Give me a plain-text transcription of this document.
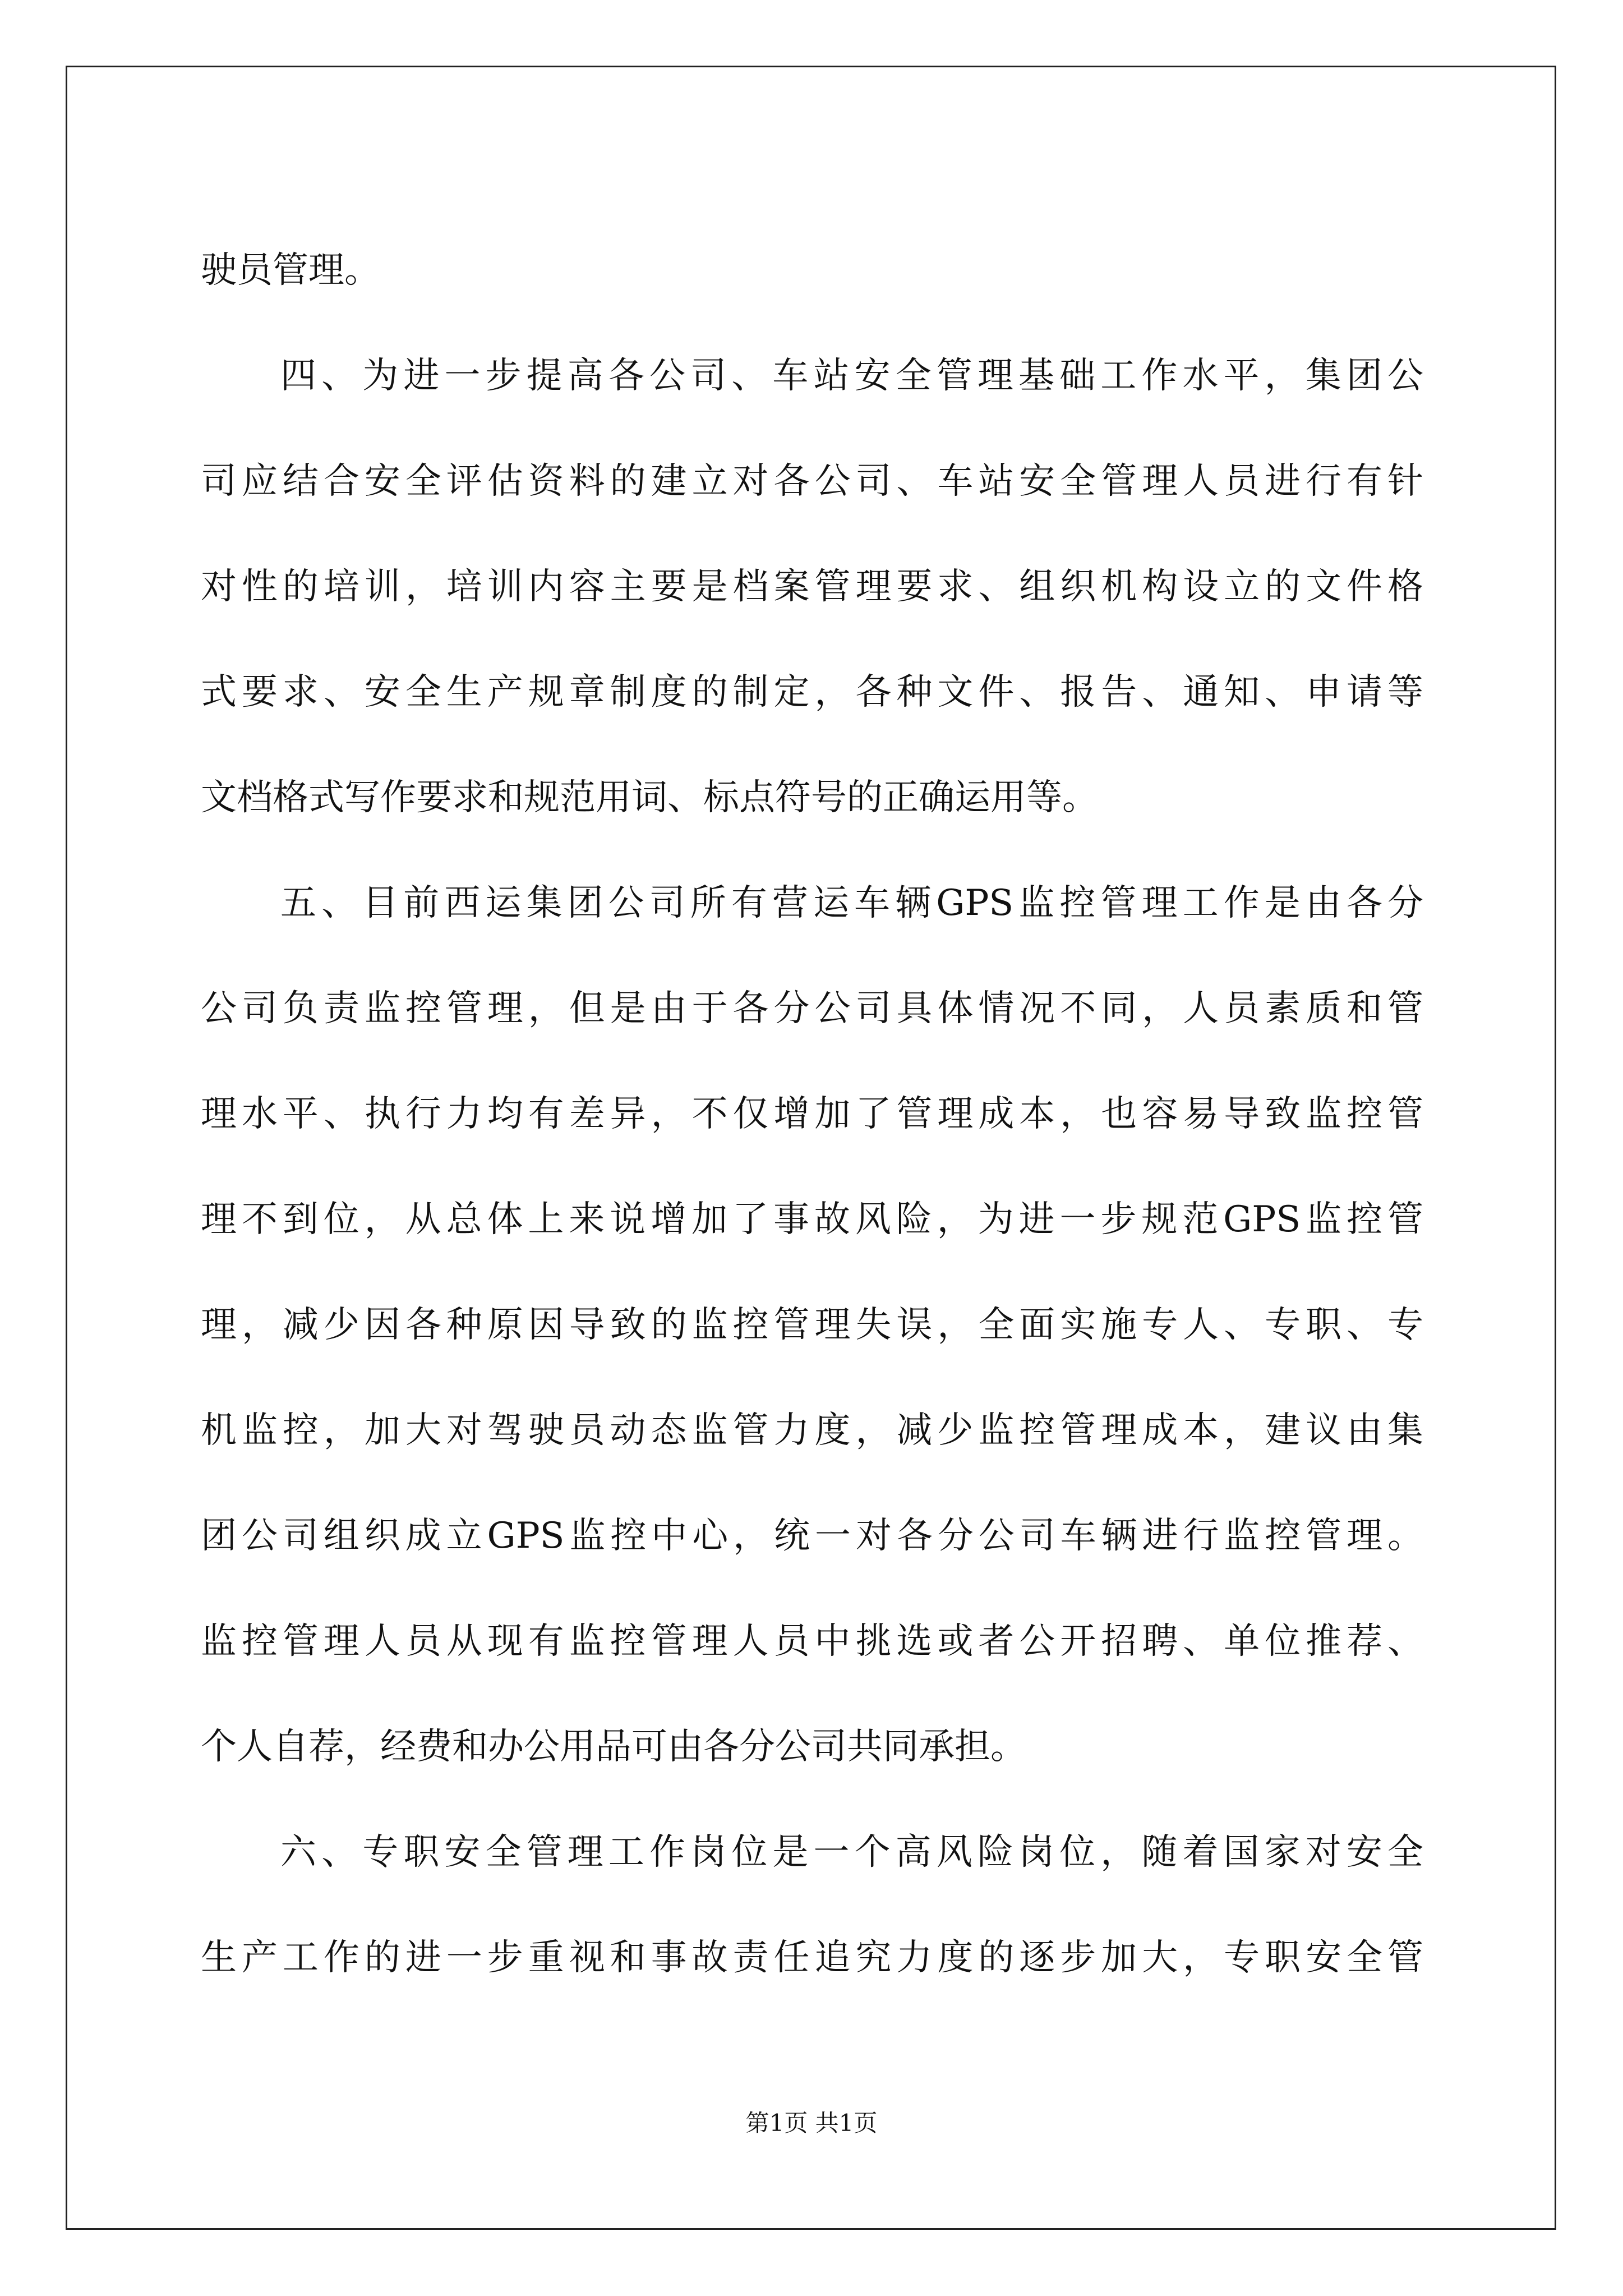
驶员管理。
四、为进一步提高各公司、车站安全管理基础工作水平，集团公
司应结合安全评估资料的建立对各公司、车站安全管理人员进行有针
对性的培训，培训内容主要是档案管理要求、组织机构设立的文件格
式要求、安全生产规章制度的制定，各种文件、报告、通知、申请等
文档格式写作要求和规范用词、标点符号的正确运用等。
五、目前西运集团公司所有营运车辆GPS监控管理工作是由各分
公司负责监控管理，但是由于各分公司具体情况不同，人员素质和管
理水平、执行力均有差异，不仅增加了管理成本，也容易导致监控管
理不到位，从总体上来说增加了事故风险，为进一步规范GPS监控管
理，减少因各种原因导致的监控管理失误，全面实施专人、专职、专
机监控，加大对驾驶员动态监管力度，减少监控管理成本，建议由集
团公司组织成立GPS监控中心，统一对各分公司车辆进行监控管理。
监控管理人员从现有监控管理人员中挑选或者公开招聘、单位推荐、
个人自荐，经费和办公用品可由各分公司共同承担。
六、专职安全管理工作岗位是一个高风险岗位，随着国家对安全
生产工作的进一步重视和事故责任追究力度的逐步加大，专职安全管
第1页 共1页
